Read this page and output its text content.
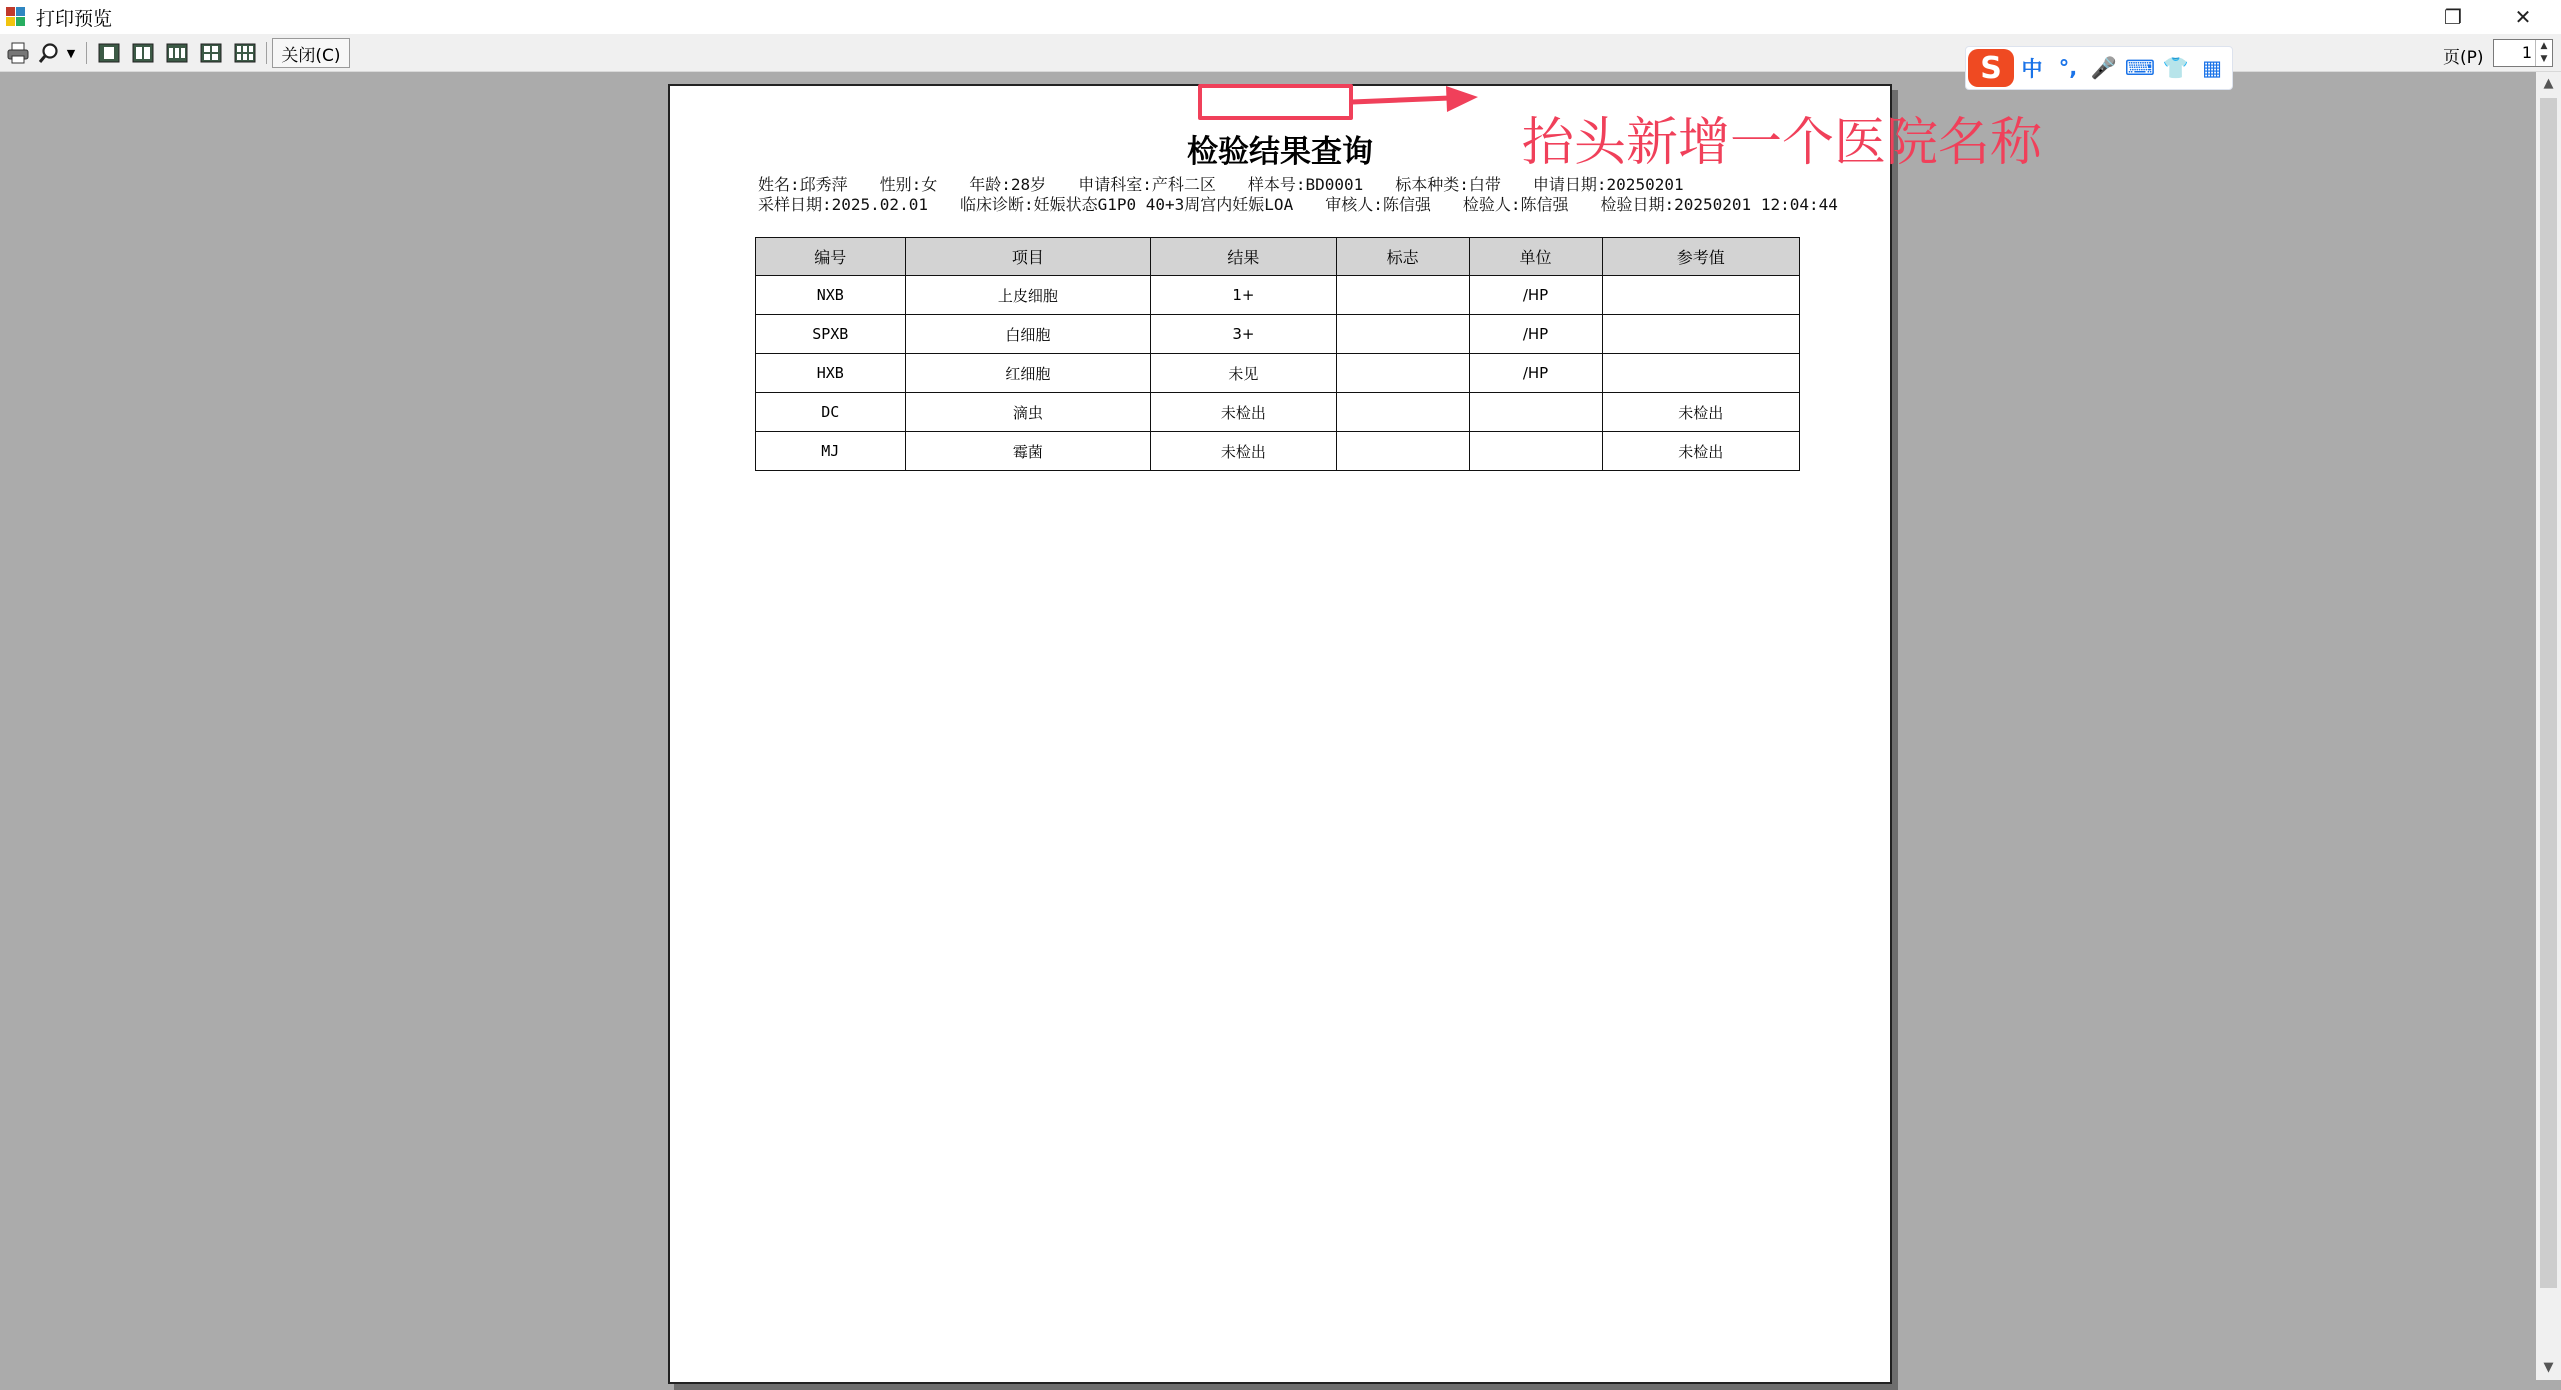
打印预览	❐	✕
▼	关闭(C)	页(P) 1 ▲
▼
S 中 °, 🎤 ⌨ 👕 ▦
▲
▼
检验结果查询
姓名:邱秀萍 性别:女 年龄:28岁 申请科室:产科二区 样本号:BD0001 标本种类:白带 申请日期:20250201
采样日期:2025.02.01 临床诊断:妊娠状态G1P0 40+3周宫内妊娠LOA 审核人:陈信强 检验人:陈信强 检验日期:20250201 12:04:44
编号	项目	结果	标志	单位	参考值
NXB	上皮细胞	1+		/HP	
SPXB	白细胞	3+		/HP	
HXB	红细胞	未见		/HP	
DC	滴虫	未检出			未检出
MJ	霉菌	未检出			未检出
抬头新增一个医院名称
